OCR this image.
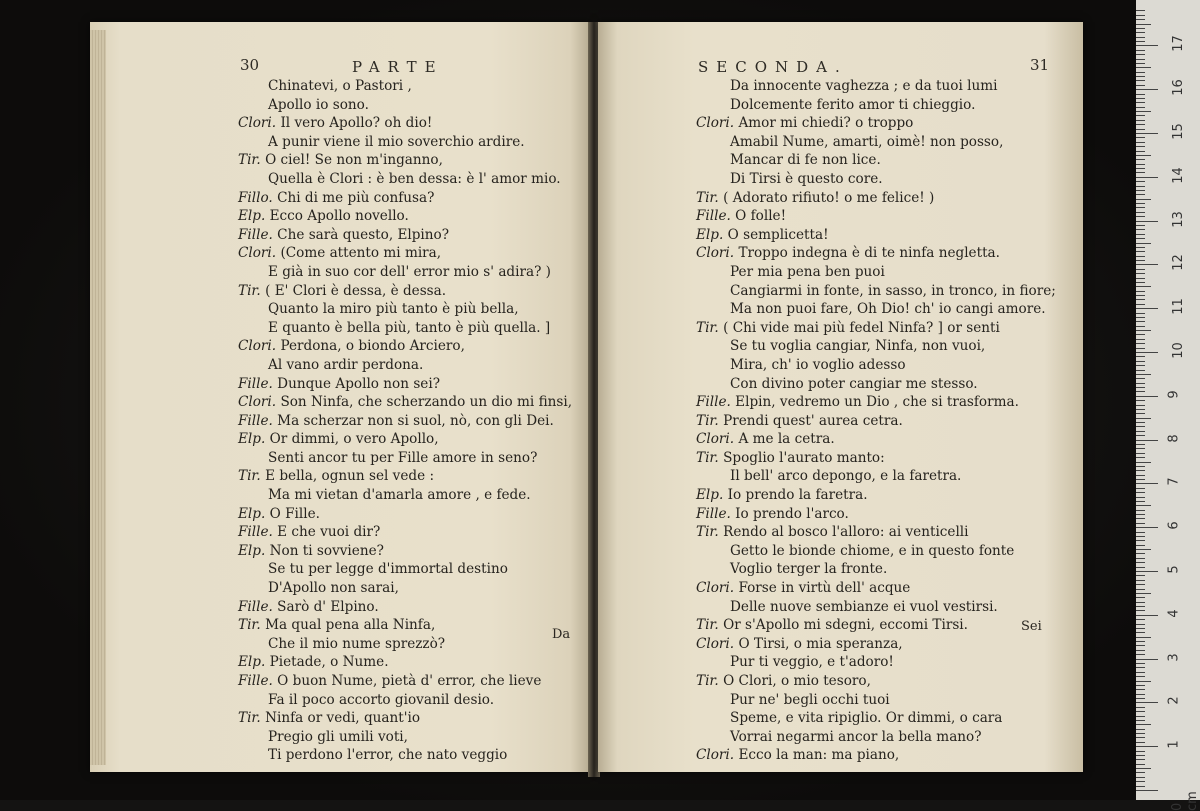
30	PARTE
Chinatevi, o Pastori ,
Apollo io sono.
Clori. Il vero Apollo? oh dio!
A punir viene il mio soverchio ardire.
Tir. O ciel! Se non m'inganno,
Quella è Clori : è ben dessa: è l' amor mio.
Fillo. Chi di me più confusa?
Elp. Ecco Apollo novello.
Fille. Che sarà questo, Elpino?
Clori. (Come attento mi mira,
E già in suo cor dell' error mio s' adira? )
Tir. ( E' Clori è dessa, è dessa.
Quanto la miro più tanto è più bella,
E quanto è bella più, tanto è più quella. ]
Clori. Perdona, o biondo Arciero,
Al vano ardir perdona.
Fille. Dunque Apollo non sei?
Clori. Son Ninfa, che scherzando un dio mi finsi,
Fille. Ma scherzar non si suol, nò, con gli Dei.
Elp. Or dimmi, o vero Apollo,
Senti ancor tu per Fille amore in seno?
Tir. E bella, ognun sel vede :
Ma mi vietan d'amarla amore , e fede.
Elp. O Fille.
Fille. E che vuoi dir?
Elp. Non ti sovviene?
Se tu per legge d'immortal destino
D'Apollo non sarai,
Fille. Sarò d' Elpino.
Tir. Ma qual pena alla Ninfa,
Che il mio nume sprezzò?
Elp. Pietade, o Nume.
Fille. O buon Nume, pietà d' error, che lieve
Fa il poco accorto giovanil desio.
Tir. Ninfa or vedi, quant'io
Pregio gli umili voti,
Ti perdono l'error, che nato veggio
Da
SECONDA.	31
Da innocente vaghezza ; e da tuoi lumi
Dolcemente ferito amor ti chieggio.
Clori. Amor mi chiedi? o troppo
Amabil Nume, amarti, oimè! non posso,
Mancar di fe non lice.
Di Tirsi è questo core.
Tir. ( Adorato rifiuto! o me felice! )
Fille. O folle!
Elp. O semplicetta!
Clori. Troppo indegna è di te ninfa negletta.
Per mia pena ben puoi
Cangiarmi in fonte, in sasso, in tronco, in fiore;
Ma non puoi fare, Oh Dio! ch' io cangi amore.
Tir. ( Chi vide mai più fedel Ninfa? ] or senti
Se tu voglia cangiar, Ninfa, non vuoi,
Mira, ch' io voglio adesso
Con divino poter cangiar me stesso.
Fille. Elpin, vedremo un Dio , che si trasforma.
Tir. Prendi quest' aurea cetra.
Clori. A me la cetra.
Tir. Spoglio l'aurato manto:
Il bell' arco depongo, e la faretra.
Elp. Io prendo la faretra.
Fille. Io prendo l'arco.
Tir. Rendo al bosco l'alloro: ai venticelli
Getto le bionde chiome, e in questo fonte
Voglio terger la fronte.
Clori. Forse in virtù dell' acque
Delle nuove sembianze ei vuol vestirsi.
Tir. Or s'Apollo mi sdegni, eccomi Tirsi.
Clori. O Tirsi, o mia speranza,
Pur ti veggio, e t'adoro!
Tir. O Clori, o mio tesoro,
Pur ne' begli occhi tuoi
Speme, e vita ripiglio. Or dimmi, o cara
Vorrai negarmi ancor la bella mano?
Clori. Ecco la man: ma piano,
Sei
0 cm
1
2
3
4
5
6
7
8
9
10
11
12
13
14
15
16
17
